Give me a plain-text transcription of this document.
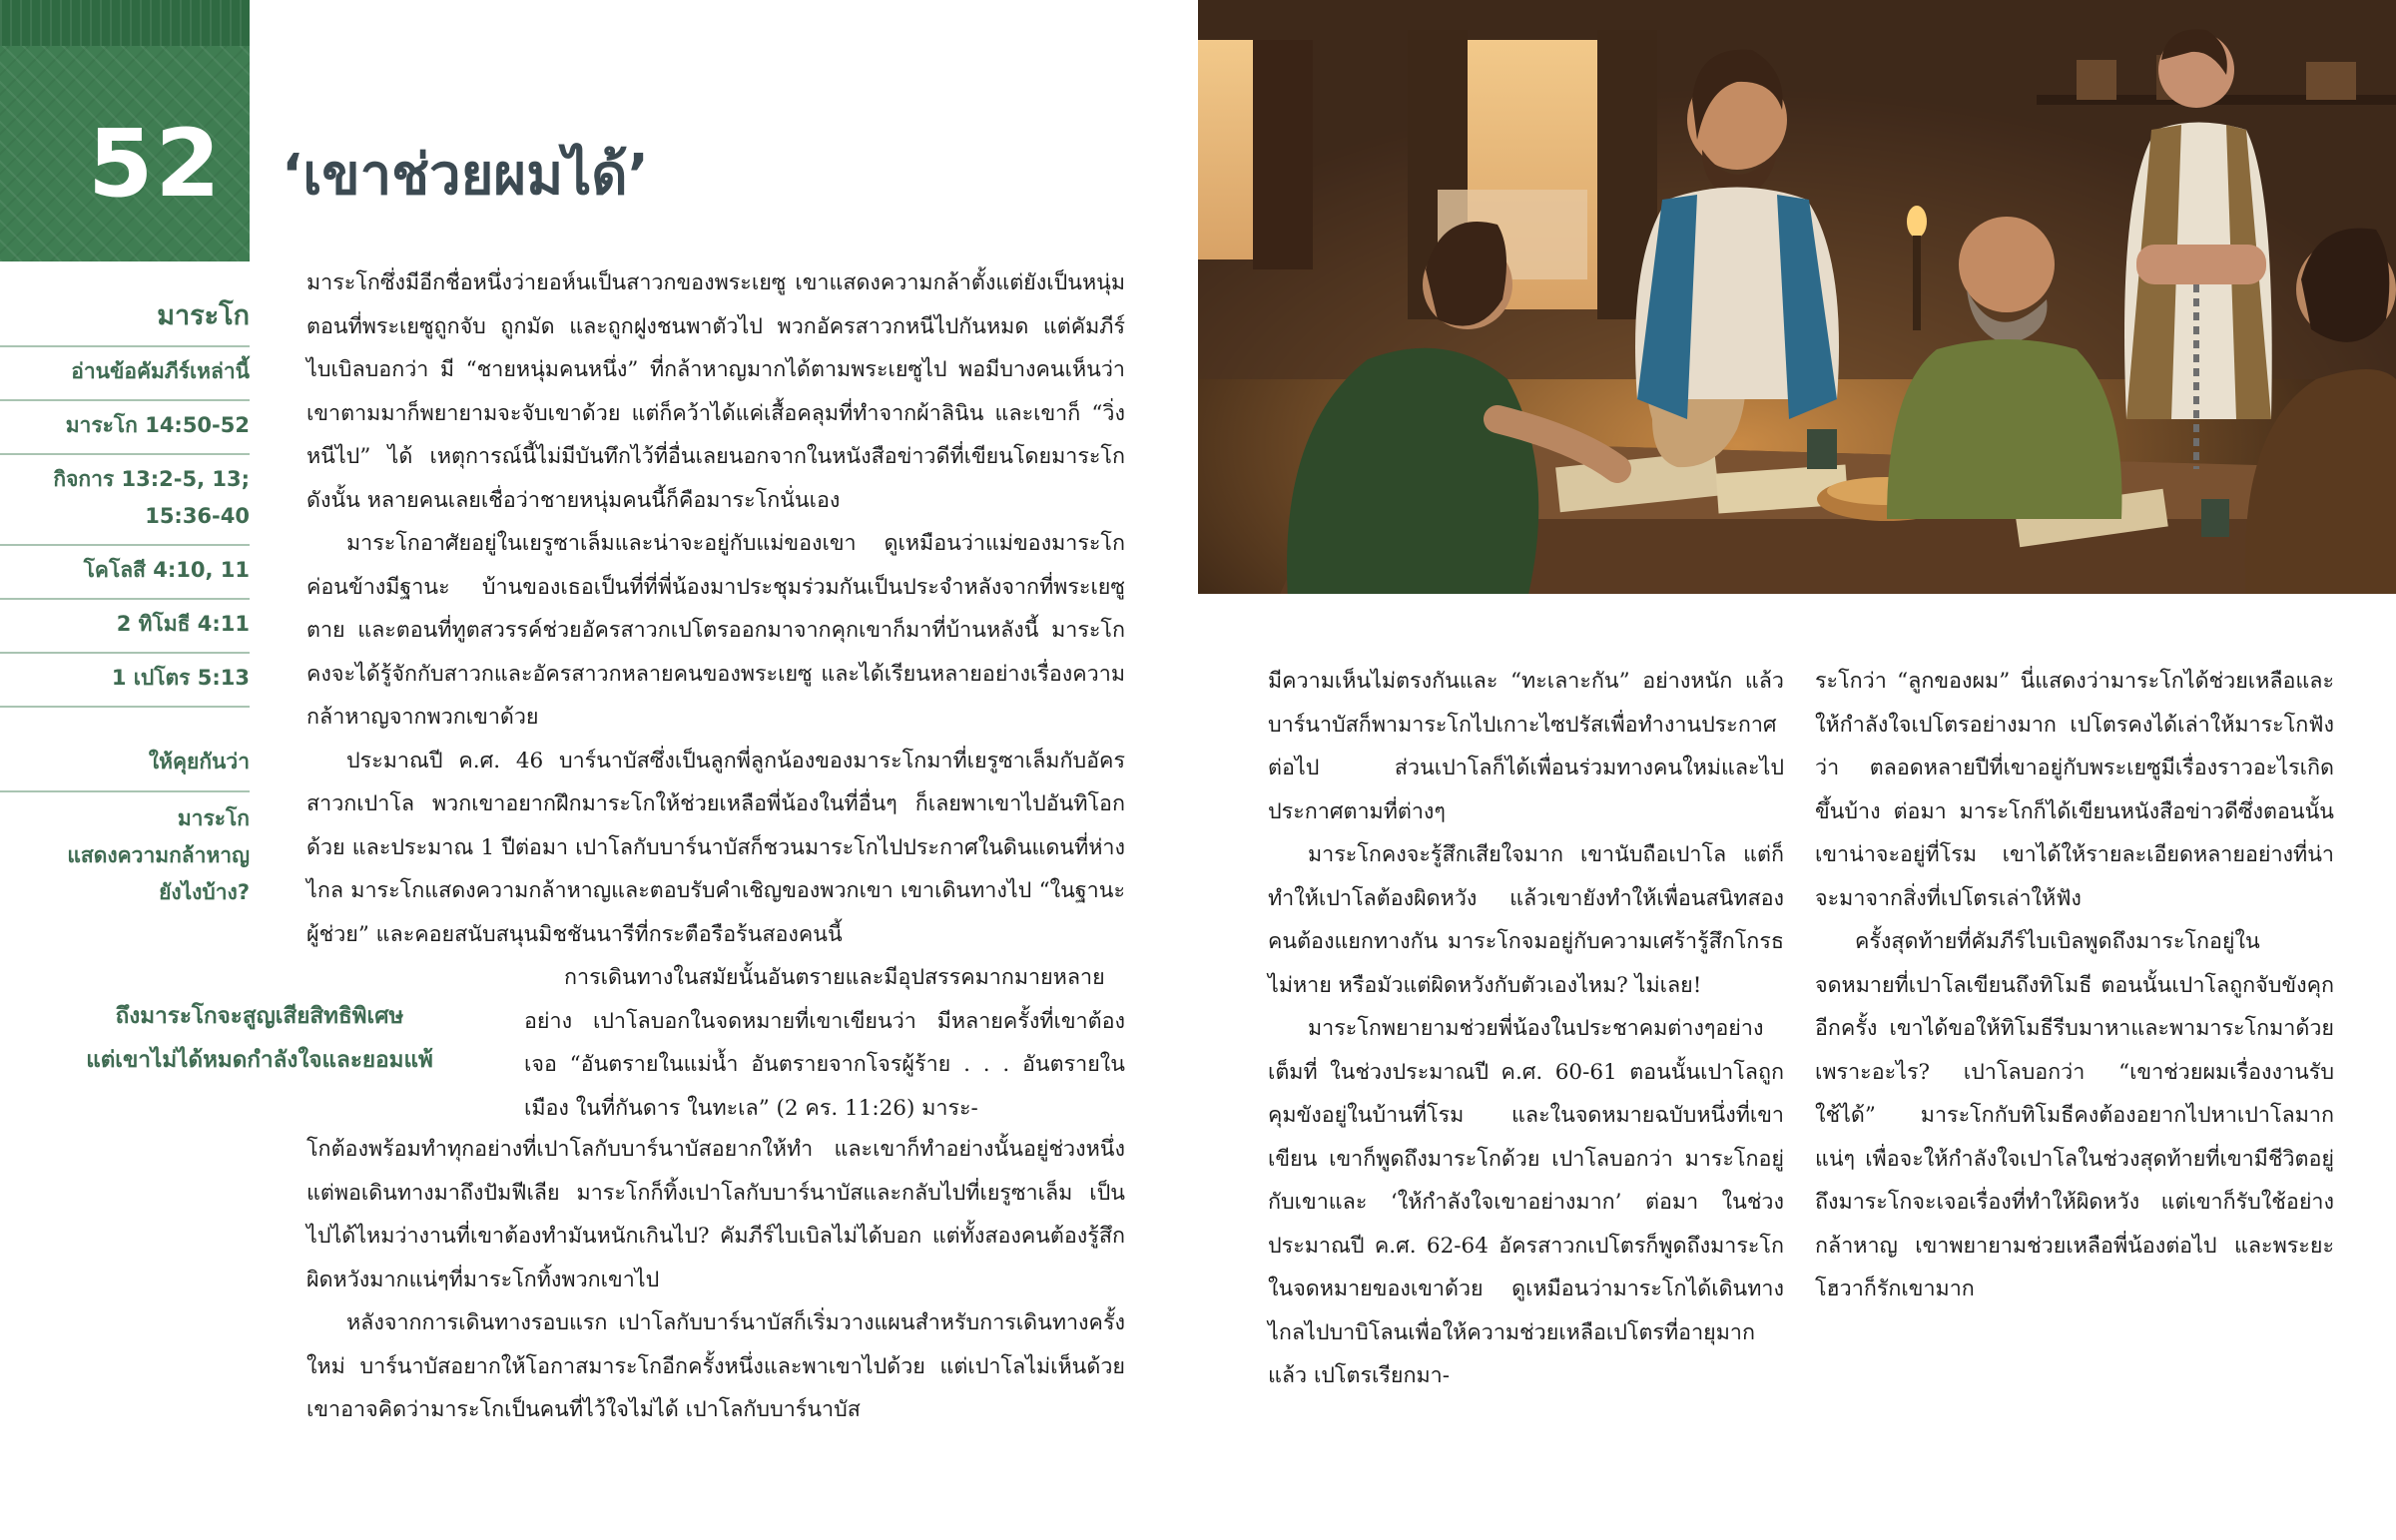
52 ‘เขาช่วยผมได้’
มาระโก
อ่านข้อคัมภีร์เหล่านี้
มาระโก 14:50-52
กิจการ 13:2-5, 13;
15:36-40
โคโลสี 4:10, 11
2 ทิโมธี 4:11
1 เปโตร 5:13
ให้คุยกันว่า
มาระโก
แสดงความกล้าหาญ
ยังไงบ้าง?
ถึงมาระโกจะสูญเสียสิทธิพิเศษ
แต่เขาไม่ได้หมดกำลังใจและยอมแพ้

มาระโกซึ่งมีอีกชื่อหนึ่งว่ายอห์นเป็นสาวกของพระเยซู เขาแสดงความกล้าตั้งแต่ยังเป็นหนุ่ม ตอนที่พระเยซูถูกจับ ถูกมัด และถูกฝูงชนพาตัวไป พวกอัครสาวกหนีไปกันหมด แต่คัมภีร์ไบเบิลบอกว่า มี “ชายหนุ่มคนหนึ่ง” ที่กล้าหาญมากได้ตามพระเยซูไป พอมีบางคนเห็นว่าเขาตามมาก็พยายามจะจับเขาด้วย แต่ก็คว้าได้แค่เสื้อคลุมที่ทำจากผ้าลินิน และเขาก็ “วิ่งหนีไป” ได้ เหตุการณ์นี้ไม่มีบันทึกไว้ที่อื่นเลยนอกจากในหนังสือข่าวดีที่เขียนโดยมาระโก ดังนั้น หลายคนเลยเชื่อว่าชายหนุ่มคนนี้ก็คือมาระโกนั่นเอง

มาระโกอาศัยอยู่ในเยรูซาเล็มและน่าจะอยู่กับแม่ของเขา ดูเหมือนว่าแม่ของมาระโกค่อนข้างมีฐานะ บ้านของเธอเป็นที่ที่พี่น้องมาประชุมร่วมกันเป็นประจำหลังจากที่พระเยซูตาย และตอนที่ทูตสวรรค์ช่วยอัครสาวกเปโตรออกมาจากคุกเขาก็มาที่บ้านหลังนี้ มาระโกคงจะได้รู้จักกับสาวกและอัครสาวกหลายคนของพระเยซู และได้เรียนหลายอย่างเรื่องความกล้าหาญจากพวกเขาด้วย

ประมาณปี ค.ศ. 46 บาร์นาบัสซึ่งเป็นลูกพี่ลูกน้องของมาระโกมาที่เยรูซาเล็มกับอัครสาวกเปาโล พวกเขาอยากฝึกมาระโกให้ช่วยเหลือพี่น้องในที่อื่นๆ ก็เลยพาเขาไปอันทิโอกด้วย และประมาณ 1 ปีต่อมา เปาโลกับบาร์นาบัสก็ชวนมาระโกไปประกาศในดินแดนที่ห่างไกล มาระโกแสดงความกล้าหาญและตอบรับคำเชิญของพวกเขา เขาเดินทางไป “ในฐานะผู้ช่วย” และคอยสนับสนุนมิชชันนารีที่กระตือรือร้นสองคนนี้

การเดินทางในสมัยนั้นอันตรายและมีอุปสรรคมากมายหลายอย่าง เปาโลบอกในจดหมายที่เขาเขียนว่า มีหลายครั้งที่เขาต้องเจอ “อันตรายในแม่น้ำ อันตรายจากโจรผู้ร้าย . . . อันตรายในเมือง ในที่กันดาร ในทะเล” (2 คร. 11:26) มาระ-

โกต้องพร้อมทำทุกอย่างที่เปาโลกับบาร์นาบัสอยากให้ทำ และเขาก็ทำอย่างนั้นอยู่ช่วงหนึ่ง แต่พอเดินทางมาถึงปัมฟีเลีย มาระโกก็ทิ้งเปาโลกับบาร์นาบัสและกลับไปที่เยรูซาเล็ม เป็นไปได้ไหมว่างานที่เขาต้องทำมันหนักเกินไป? คัมภีร์ไบเบิลไม่ได้บอก แต่ทั้งสองคนต้องรู้สึกผิดหวังมากแน่ๆที่มาระโกทิ้งพวกเขาไป

หลังจากการเดินทางรอบแรก เปาโลกับบาร์นาบัสก็เริ่มวางแผนสำหรับการเดินทางครั้งใหม่ บาร์นาบัสอยากให้โอกาสมาระโกอีกครั้งหนึ่งและพาเขาไปด้วย แต่เปาโลไม่เห็นด้วย เขาอาจคิดว่ามาระโกเป็นคนที่ไว้ใจไม่ได้ เปาโลกับบาร์นาบัส

มีความเห็นไม่ตรงกันและ “ทะเลาะกัน” อย่างหนัก แล้วบาร์นาบัสก็พามาระโกไปเกาะไซปรัสเพื่อทำงานประกาศต่อไป ส่วนเปาโลก็ได้เพื่อนร่วมทางคนใหม่และไปประกาศตามที่ต่างๆ

มาระโกคงจะรู้สึกเสียใจมาก เขานับถือเปาโล แต่ก็ทำให้เปาโลต้องผิดหวัง แล้วเขายังทำให้เพื่อนสนิทสองคนต้องแยกทางกัน มาระโกจมอยู่กับความเศร้ารู้สึกโกรธไม่หาย หรือมัวแต่ผิดหวังกับตัวเองไหม? ไม่เลย!

มาระโกพยายามช่วยพี่น้องในประชาคมต่างๆอย่างเต็มที่ ในช่วงประมาณปี ค.ศ. 60-61 ตอนนั้นเปาโลถูกคุมขังอยู่ในบ้านที่โรม และในจดหมายฉบับหนึ่งที่เขาเขียน เขาก็พูดถึงมาระโกด้วย เปาโลบอกว่า มาระโกอยู่กับเขาและ ‘ให้กำลังใจเขาอย่างมาก’ ต่อมา ในช่วงประมาณปี ค.ศ. 62-64 อัครสาวกเปโตรก็พูดถึงมาระโกในจดหมายของเขาด้วย ดูเหมือนว่ามาระโกได้เดินทางไกลไปบาบิโลนเพื่อให้ความช่วยเหลือเปโตรที่อายุมากแล้ว เปโตรเรียกมา-

ระโกว่า “ลูกของผม” นี่แสดงว่ามาระโกได้ช่วยเหลือและให้กำลังใจเปโตรอย่างมาก เปโตรคงได้เล่าให้มาระโกฟังว่า ตลอดหลายปีที่เขาอยู่กับพระเยซูมีเรื่องราวอะไรเกิดขึ้นบ้าง ต่อมา มาระโกก็ได้เขียนหนังสือข่าวดีซึ่งตอนนั้นเขาน่าจะอยู่ที่โรม เขาได้ให้รายละเอียดหลายอย่างที่น่าจะมาจากสิ่งที่เปโตรเล่าให้ฟัง

ครั้งสุดท้ายที่คัมภีร์ไบเบิลพูดถึงมาระโกอยู่ในจดหมายที่เปาโลเขียนถึงทิโมธี ตอนนั้นเปาโลถูกจับขังคุกอีกครั้ง เขาได้ขอให้ทิโมธีรีบมาหาและพามาระโกมาด้วย เพราะอะไร? เปาโลบอกว่า “เขาช่วยผมเรื่องงานรับใช้ได้” มาระโกกับทิโมธีคงต้องอยากไปหาเปาโลมากแน่ๆ เพื่อจะให้กำลังใจเปาโลในช่วงสุดท้ายที่เขามีชีวิตอยู่ ถึงมาระโกจะเจอเรื่องที่ทำให้ผิดหวัง แต่เขาก็รับใช้อย่างกล้าหาญ เขาพยายามช่วยเหลือพี่น้องต่อไป และพระยะโฮวาก็รักเขามาก
